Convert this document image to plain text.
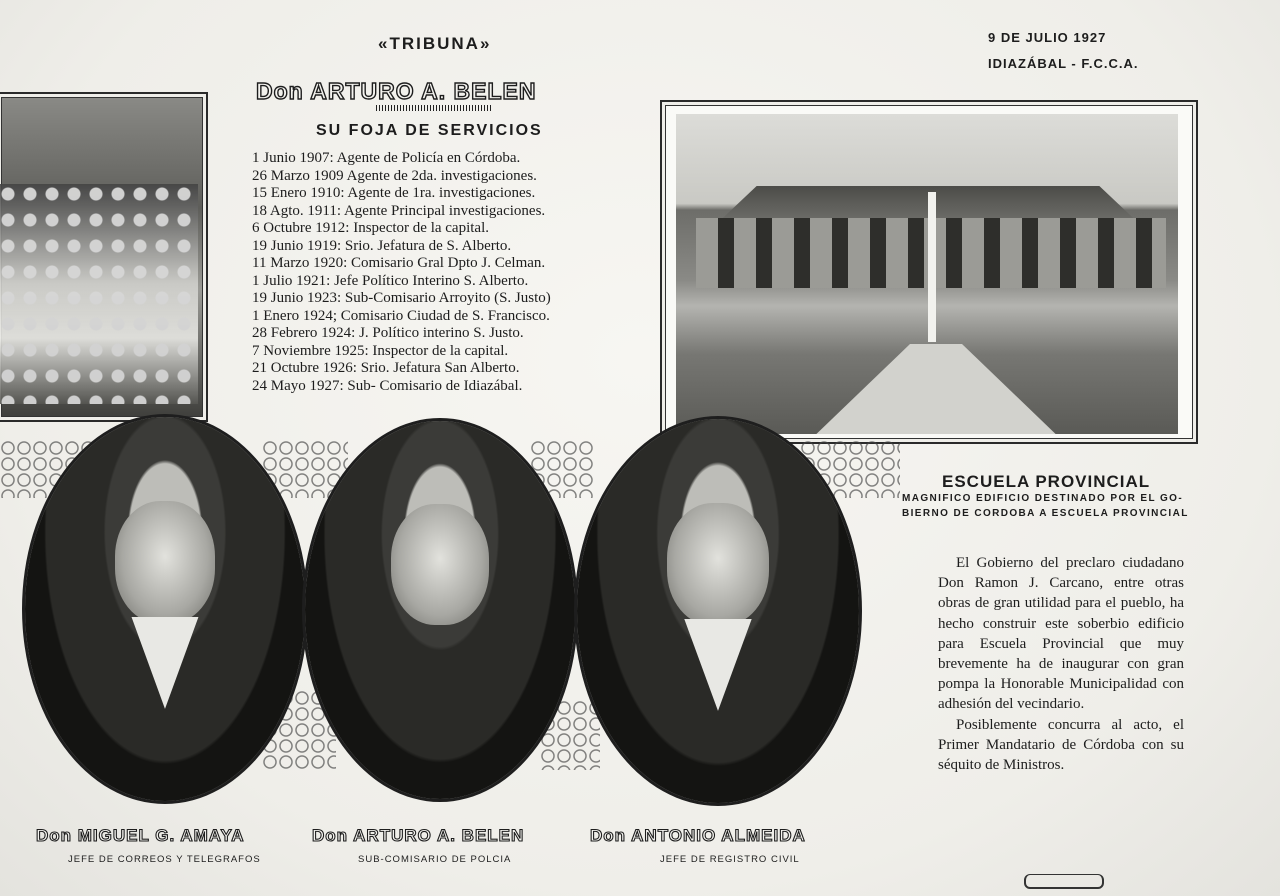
«TRIBUNA»	9 DE JULIO 1927
IDIAZÁBAL - F.C.C.A.
Don ARTURO A. BELEN
SU FOJA DE SERVICIOS
1 Junio 1907: Agente de Policía en Córdoba.
26 Marzo 1909 Agente de 2da. investigaciones.
15 Enero 1910: Agente de 1ra. investigaciones.
18 Agto. 1911: Agente Principal investigaciones.
6 Octubre 1912: Inspector de la capital.
19 Junio 1919: Srio. Jefatura de S. Alberto.
11 Marzo 1920: Comisario Gral Dpto J. Celman.
1 Julio 1921: Jefe Político Interino S. Alberto.
19 Junio 1923: Sub-Comisario Arroyito (S. Justo)
1 Enero 1924; Comisario Ciudad de S. Francisco.
28 Febrero 1924: J. Político interino S. Justo.
7 Noviembre 1925: Inspector de la capital.
21 Octubre 1926: Srio. Jefatura San Alberto.
24 Mayo 1927: Sub- Comisario de Idiazábal.
Don MIGUEL G. AMAYA
JEFE DE CORREOS Y TELEGRAFOS
Don ARTURO A. BELEN
SUB-COMISARIO DE POLCIA
Don ANTONIO ALMEIDA
JEFE DE REGISTRO CIVIL
ESCUELA PROVINCIAL
MAGNIFICO EDIFICIO DESTINADO POR EL GO-
BIERNO DE CORDOBA A ESCUELA PROVINCIAL
El Gobierno del preclaro ciudadano Don Ramon J. Carcano, entre otras obras de gran utilidad para el pueblo, ha hecho construir este soberbio edificio para Escuela Provincial que muy brevemente ha de inaugurar con gran pompa la Honorable Municipalidad con adhesión del vecindario.
Posiblemente concurra al acto, el Primer Mandatario de Córdoba con su séquito de Ministros.
